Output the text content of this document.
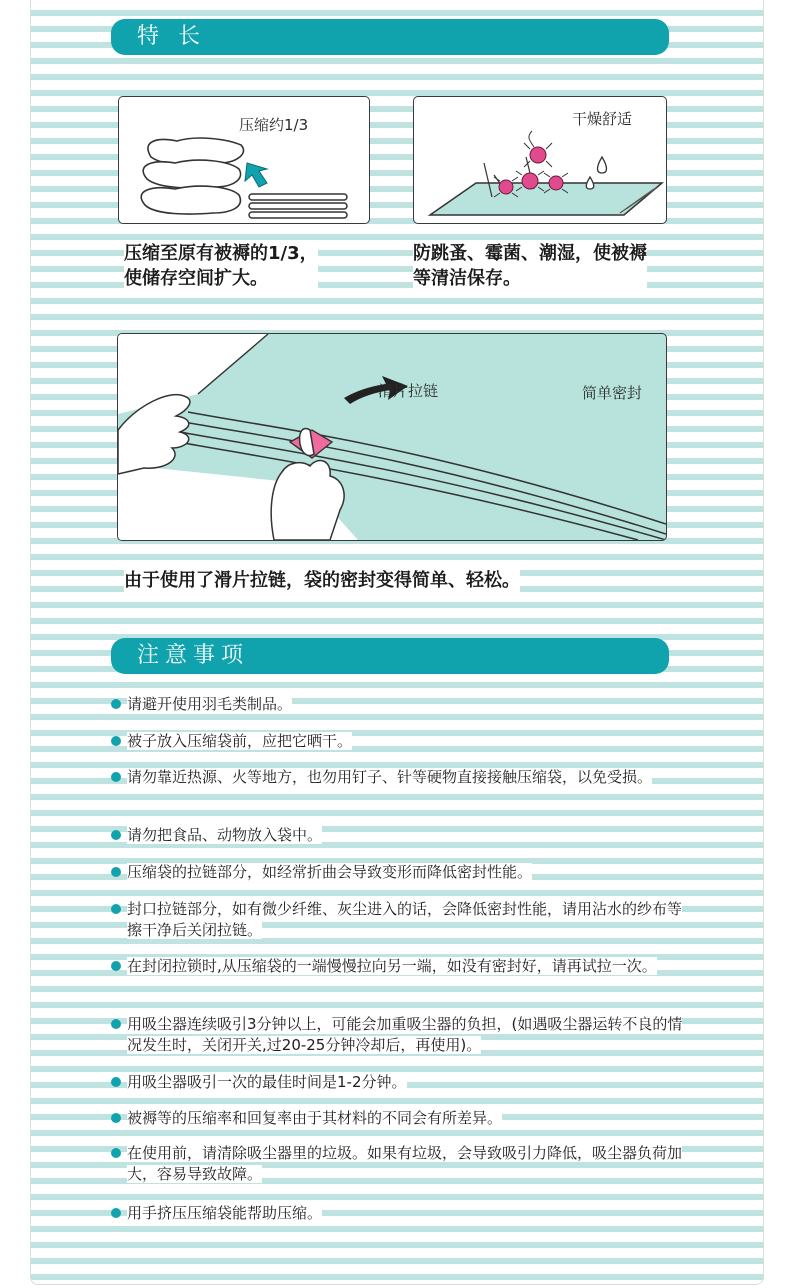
特 长
压缩约1/3	干燥舒适
压缩至原有被褥的1/3，
使储存空间扩大。
防跳蚤、霉菌、潮湿，使被褥
等清洁保存。
滑片拉链	简单密封
由于使用了滑片拉链，袋的密封变得简单、轻松。
注意事项
请避开使用羽毛类制品。
被子放入压缩袋前，应把它晒干。
请勿靠近热源、火等地方，也勿用钉子、针等硬物直接接触压缩袋，以免受损。
请勿把食品、动物放入袋中。
压缩袋的拉链部分，如经常折曲会导致变形而降低密封性能。
封口拉链部分，如有微少纤维、灰尘进入的话，会降低密封性能，请用沾水的纱布等擦干净后关闭拉链。
在封闭拉锁时,从压缩袋的一端慢慢拉向另一端，如没有密封好，请再试拉一次。
用吸尘器连续吸引3分钟以上，可能会加重吸尘器的负担，(如遇吸尘器运转不良的情况发生时，关闭开关,过20-25分钟冷却后，再使用)。
用吸尘器吸引一次的最佳时间是1-2分钟。
被褥等的压缩率和回复率由于其材料的不同会有所差异。
在使用前，请清除吸尘器里的垃圾。如果有垃圾，会导致吸引力降低，吸尘器负荷加大，容易导致故障。
用手挤压压缩袋能帮助压缩。
